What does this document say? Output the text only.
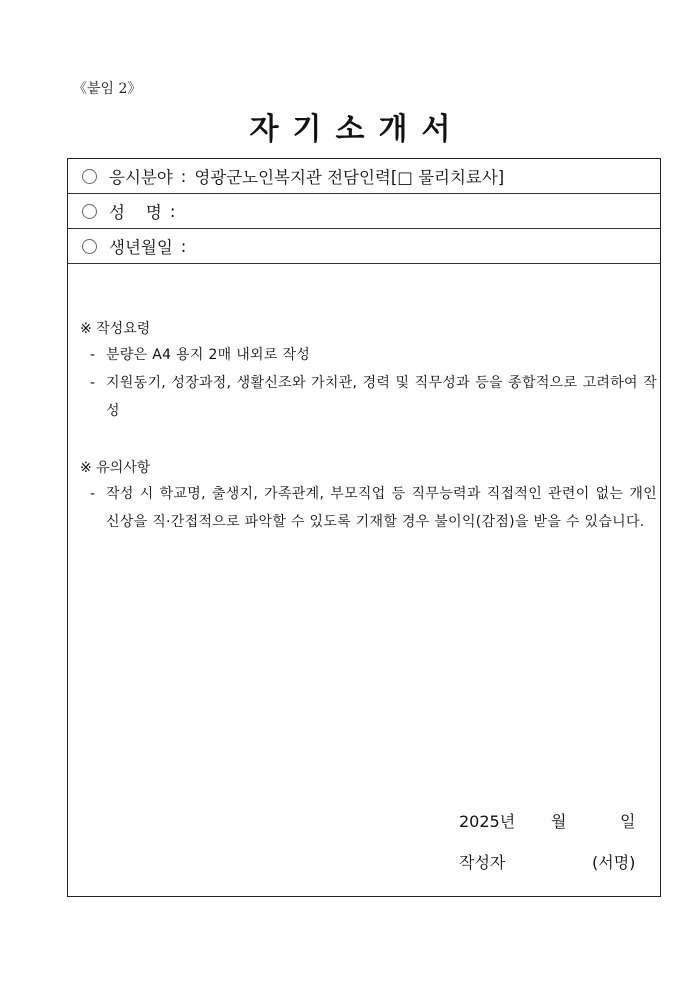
《붙임 2》
자기소개서
응시분야 : 영광군노인복지관 전담인력[□ 물리치료사]
성    명 :
생년월일 :
※ 작성요령
- 분량은 A4 용지 2매 내외로 작성
- 지원동기, 성장과정, 생활신조와 가치관, 경력 및 직무성과 등을 종합적으로 고려하여 작성
※ 유의사항
- 작성 시 학교명, 출생지, 가족관계, 부모직업 등 직무능력과 직접적인 관련이 없는 개인 신상을 직·간접적으로 파악할 수 있도록 기재할 경우 불이익(감점)을 받을 수 있습니다.
2025년 월	일
작성자	(서명)
